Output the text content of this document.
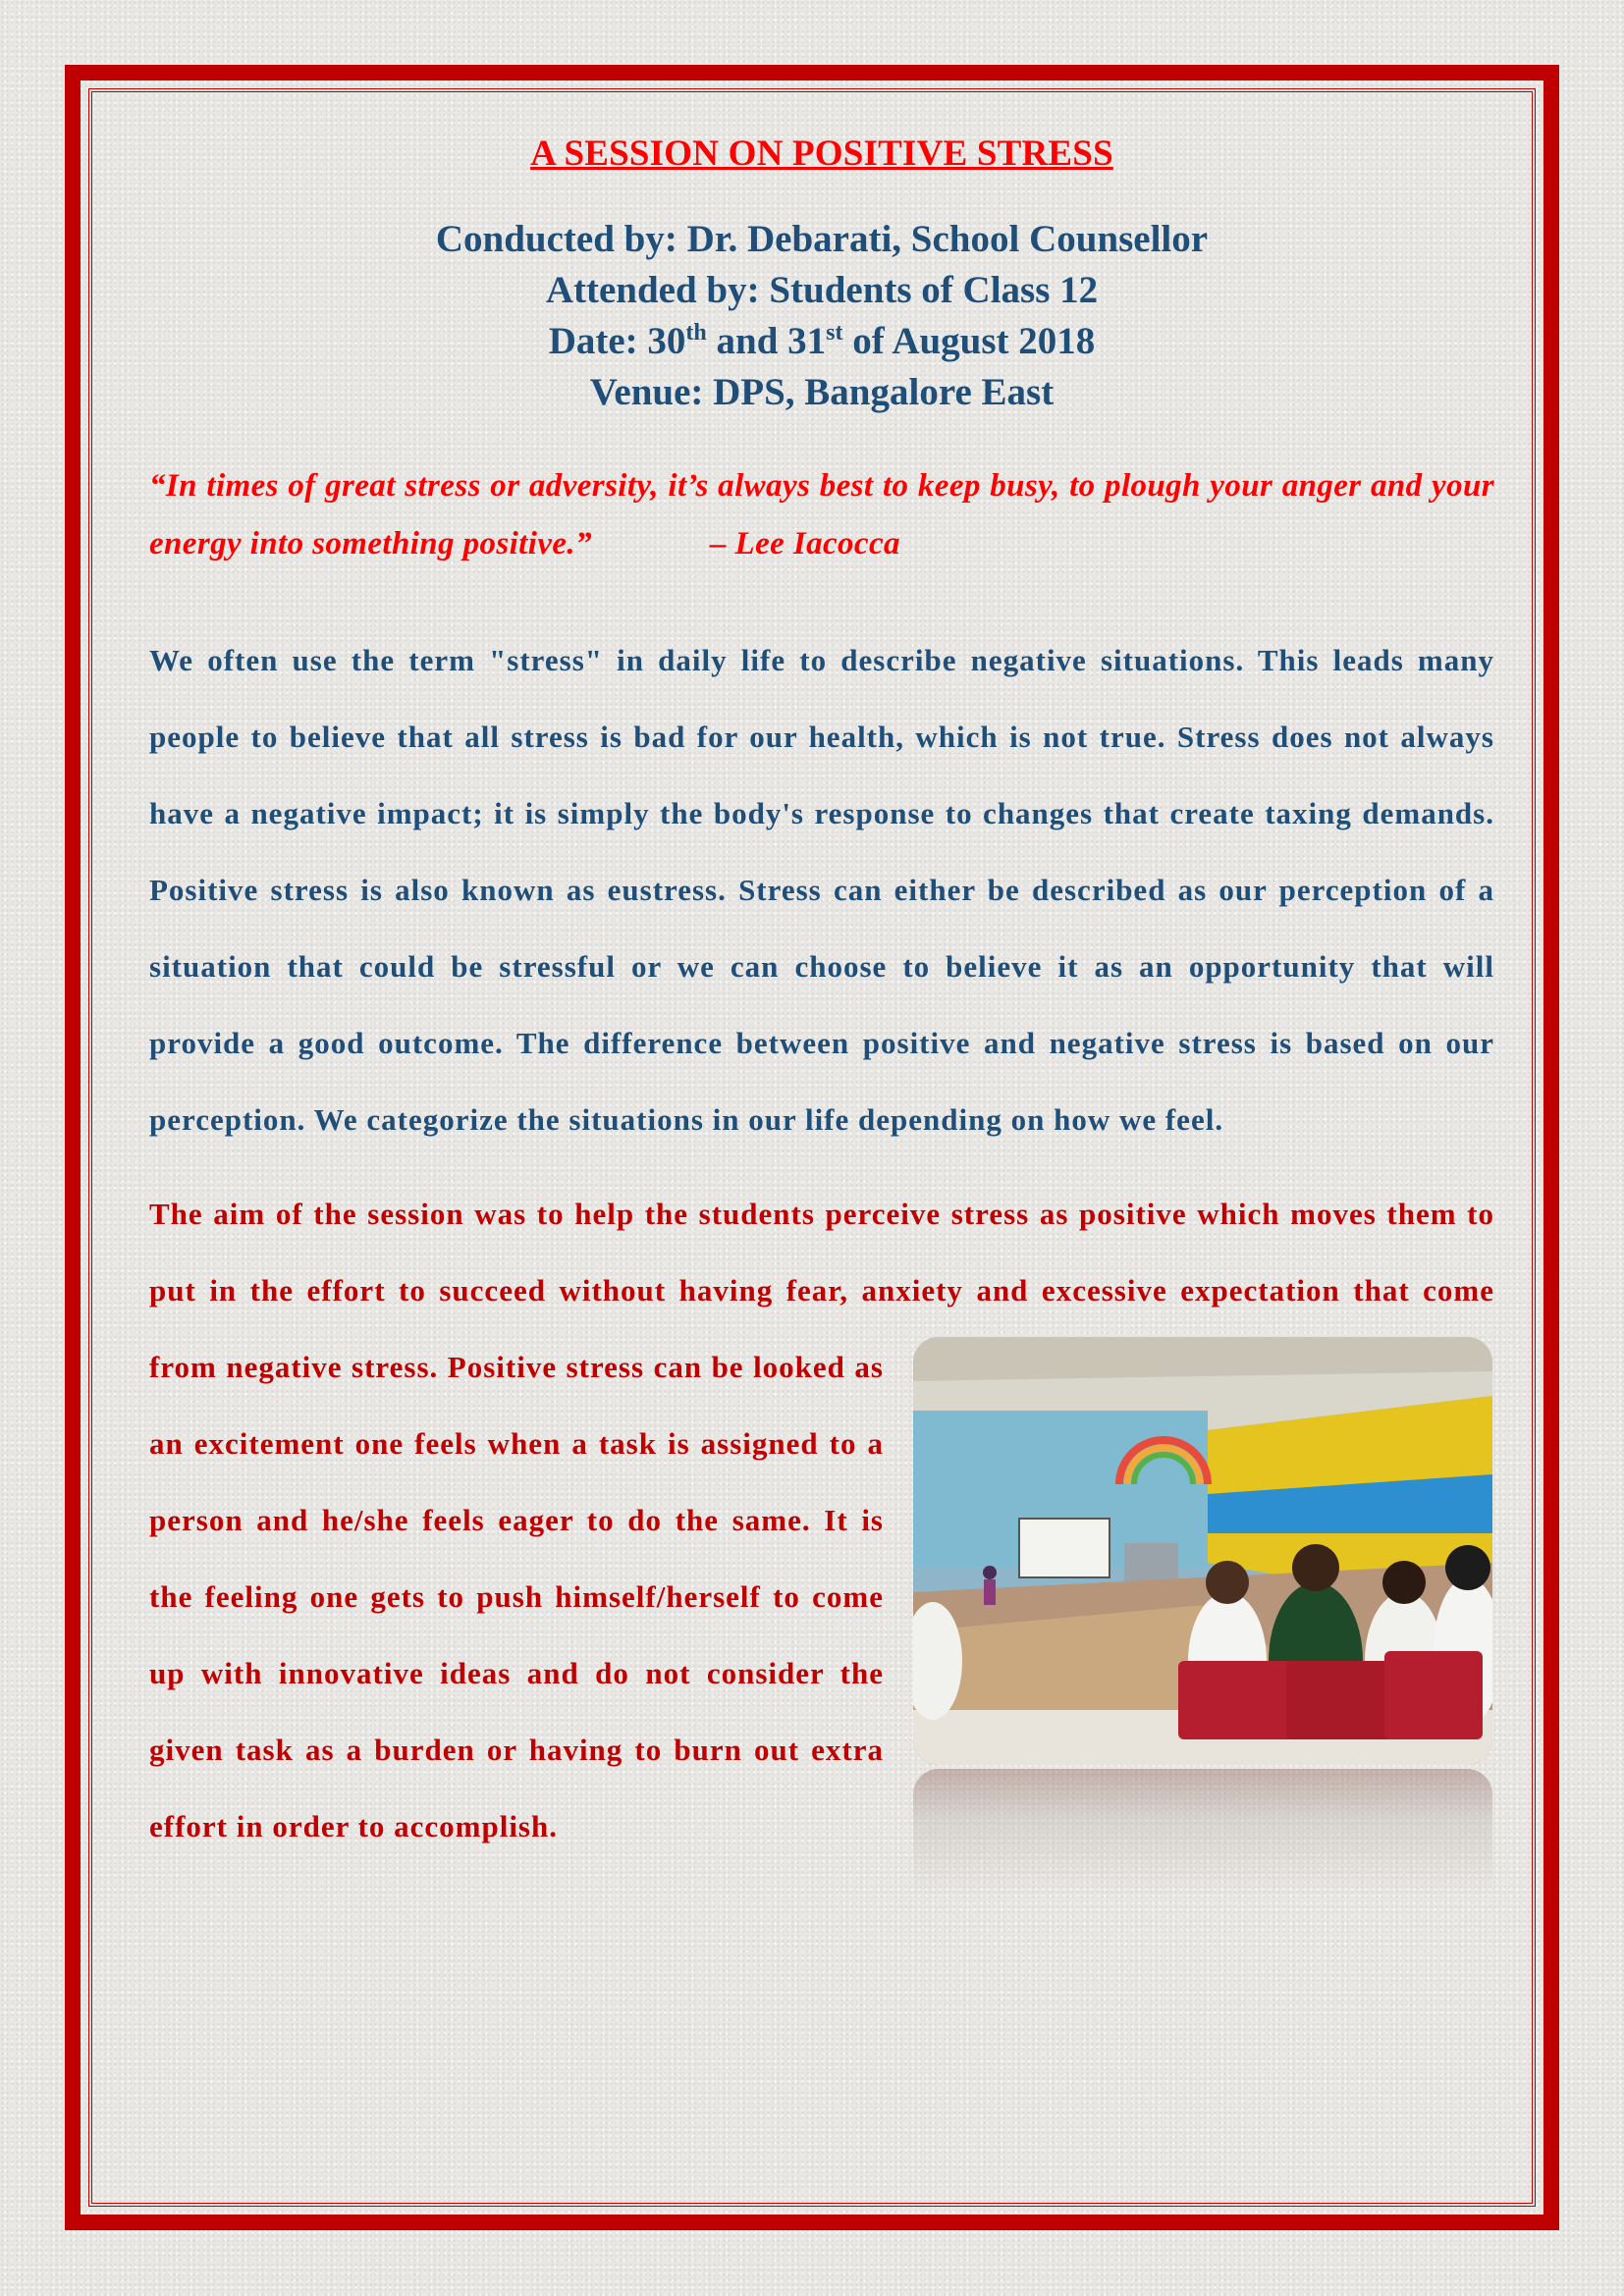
A SESSION ON POSITIVE STRESS

Conducted by: Dr. Debarati, School Counsellor

Attended by: Students of Class 12

Date: 30th and 31st of August 2018

Venue: DPS, Bangalore East

“In times of great stress or adversity, it’s always best to keep busy, to plough your anger and your energy into something positive.”	– Lee Iacocca

We often use the term "stress" in daily life to describe negative situations. This leads many people to believe that all stress is bad for our health, which is not true. Stress does not always have a negative impact; it is simply the body's response to changes that create taxing demands. Positive stress is also known as eustress. Stress can either be described as our perception of a situation that could be stressful or we can choose to believe it as an opportunity that will provide a good outcome. The difference between positive and negative stress is based on our perception. We categorize the situations in our life depending on how we feel.

The aim of the session was to help the students perceive stress as positive which moves them to put in the effort to succeed without having fear, anxiety and excessive expectation that come from negative stress. Positive stress can be looked as an excitement one feels when a task is assigned to a person and he/she feels eager to do the same. It is the feeling one gets to push himself/herself to come up with innovative ideas and do not consider the given task as a burden or having to burn out extra effort in order to accomplish.
